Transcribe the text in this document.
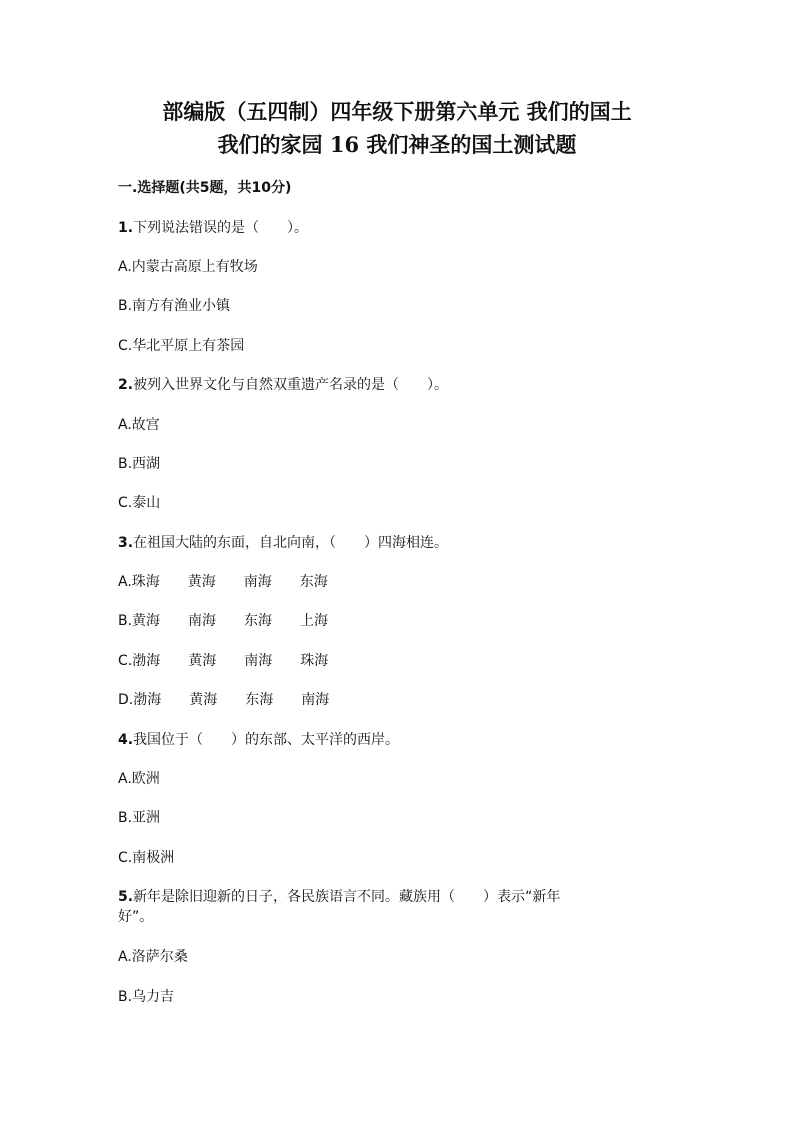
部编版（五四制）四年级下册第六单元 我们的国土
我们的家园 16 我们神圣的国土测试题
一.选择题(共5题，共10分)
1.下列说法错误的是（　　）。
A.内蒙古高原上有牧场
B.南方有渔业小镇
C.华北平原上有茶园
2.被列入世界文化与自然双重遗产名录的是（　　）。
A.故宫
B.西湖
C.泰山
3.在祖国大陆的东面，自北向南，（　　）四海相连。
A.珠海　　黄海　　南海　　东海
B.黄海　　南海　　东海　　上海
C.渤海　　黄海　　南海　　珠海
D.渤海　　黄海　　东海　　南海
4.我国位于（　　）的东部、太平洋的西岸。
A.欧洲
B.亚洲
C.南极洲
5.新年是除旧迎新的日子，各民族语言不同。藏族用（　　）表示“新年
好”。
A.洛萨尔桑
B.乌力吉
